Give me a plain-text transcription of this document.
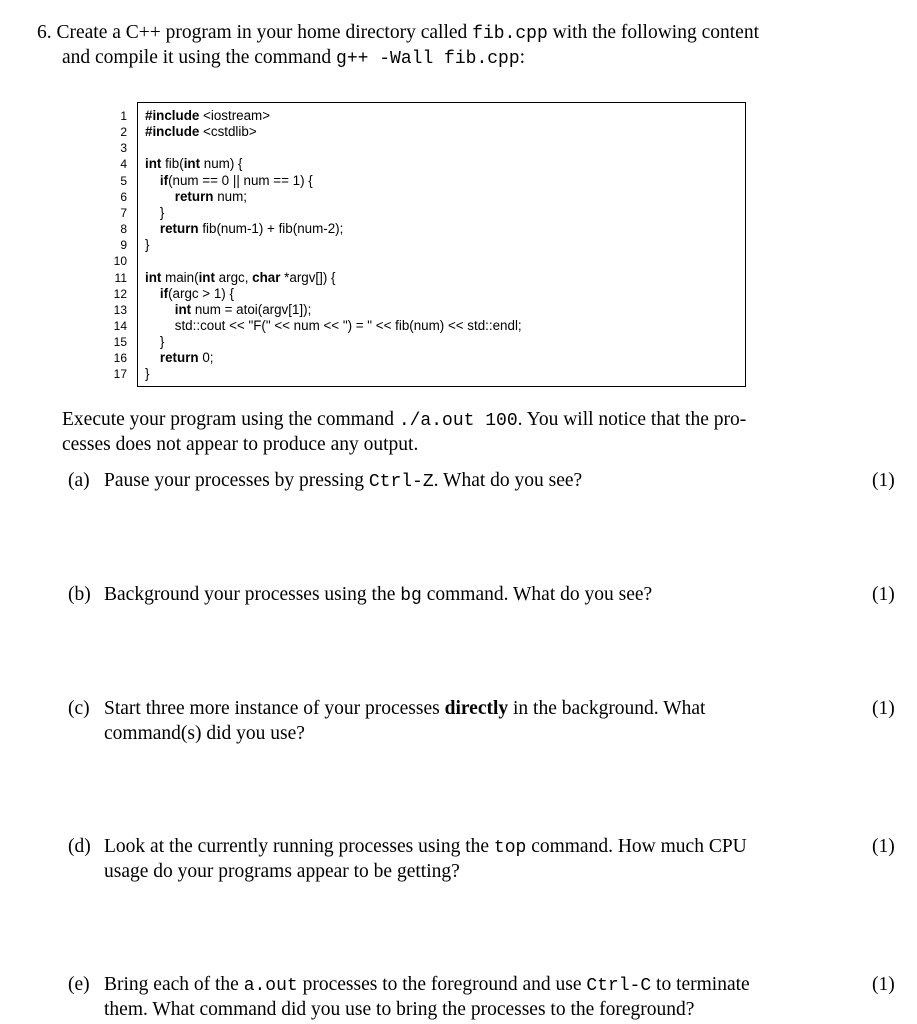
6. Create a C++ program in your home directory called fib.cpp with the following content
and compile it using the command g++ -Wall fib.cpp:
1 #include <iostream>
2 #include <cstdlib>
3
4 int fib(int num) {
5	if(num == 0 || num == 1) {
6	return num;
7 }
8	return fib(num-1) + fib(num-2);
9 }
10
11 int main(int argc, char *argv[]) {
12	if(argc > 1) {
13	int num = atoi(argv[1]);
14 std::cout << "F(" << num << ") = " << fib(num) << std::endl;
15 }
16	return 0;
17 }
Execute your program using the command ./a.out 100. You will notice that the pro-
cesses does not appear to produce any output.
(a) Pause your processes by pressing Ctrl-Z. What do you see?	(1)
(b) Background your processes using the bg command. What do you see?	(1)
(c) Start three more instance of your processes directly in the background. What
command(s) did you use?
(1)
(d) Look at the currently running processes using the top command. How much CPU
usage do your programs appear to be getting?
(1)
(e) Bring each of the a.out processes to the foreground and use Ctrl-C to terminate
them. What command did you use to bring the processes to the foreground?
(1)
